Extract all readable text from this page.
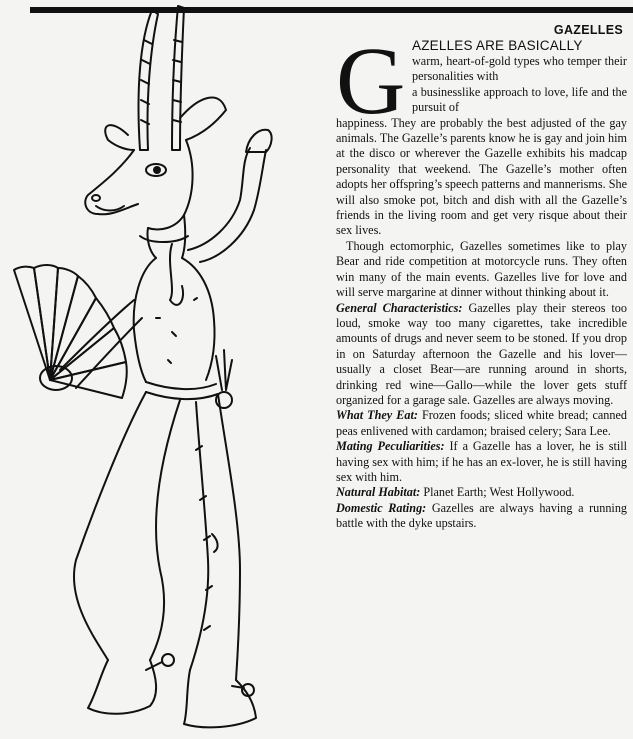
GAZELLES
G AZELLES ARE BASICALLY

warm, heart-of-gold types who temper their personalities with

a businesslike approach to love, life and the pursuit of

happiness. They are probably the best adjusted of the gay animals. The Gazelle’s parents know he is gay and join him at the disco or wherever the Gazelle exhibits his madcap personality that weekend. The Gazelle’s mother often adopts her offspring’s speech patterns and mannerisms. She will also smoke pot, bitch and dish with all the Gazelle’s friends in the living room and get very risque about their sex lives.

Though ectomorphic, Gazelles sometimes like to play Bear and ride competition at motorcycle runs. They often win many of the main events. Gazelles live for love and will serve margarine at dinner without thinking about it.

General Characteristics: Gazelles play their stereos too loud, smoke way too many cigarettes, take incredible amounts of drugs and never seem to be stoned. If you drop in on Saturday afternoon the Gazelle and his lover—usually a closet Bear—are running around in shorts, drinking red wine—Gallo—while the lover gets stuff organized for a garage sale. Gazelles are always moving.

What They Eat: Frozen foods; sliced white bread; canned peas enlivened with cardamon; braised celery; Sara Lee.

Mating Peculiarities: If a Gazelle has a lover, he is still having sex with him; if he has an ex-lover, he is still having sex with him.

Natural Habitat: Planet Earth; West Hollywood.

Domestic Rating: Gazelles are always having a running battle with the dyke upstairs.
